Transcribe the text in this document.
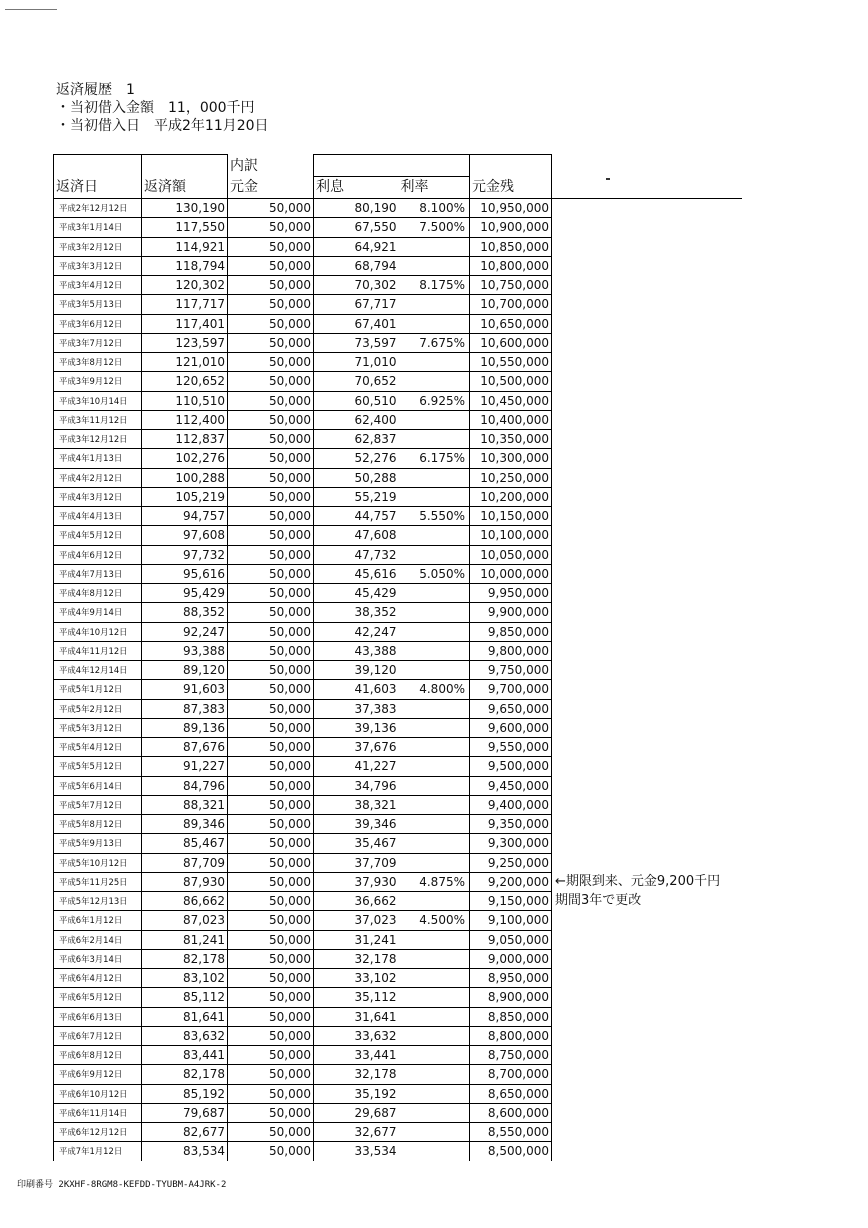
返済履歴　1
・当初借入金額　11，000千円
・当初借入日　平成2年11月20日
		内訳				
返済日	返済額	元金	利息	利率	元金残	
平成2年12月12日	130,190	50,000	80,190	8.100%	10,950,000	
平成3年1月14日	117,550	50,000	67,550	7.500%	10,900,000	
平成3年2月12日	114,921	50,000	64,921		10,850,000	
平成3年3月12日	118,794	50,000	68,794		10,800,000	
平成3年4月12日	120,302	50,000	70,302	8.175%	10,750,000	
平成3年5月13日	117,717	50,000	67,717		10,700,000	
平成3年6月12日	117,401	50,000	67,401		10,650,000	
平成3年7月12日	123,597	50,000	73,597	7.675%	10,600,000	
平成3年8月12日	121,010	50,000	71,010		10,550,000	
平成3年9月12日	120,652	50,000	70,652		10,500,000	
平成3年10月14日	110,510	50,000	60,510	6.925%	10,450,000	
平成3年11月12日	112,400	50,000	62,400		10,400,000	
平成3年12月12日	112,837	50,000	62,837		10,350,000	
平成4年1月13日	102,276	50,000	52,276	6.175%	10,300,000	
平成4年2月12日	100,288	50,000	50,288		10,250,000	
平成4年3月12日	105,219	50,000	55,219		10,200,000	
平成4年4月13日	94,757	50,000	44,757	5.550%	10,150,000	
平成4年5月12日	97,608	50,000	47,608		10,100,000	
平成4年6月12日	97,732	50,000	47,732		10,050,000	
平成4年7月13日	95,616	50,000	45,616	5.050%	10,000,000	
平成4年8月12日	95,429	50,000	45,429		9,950,000	
平成4年9月14日	88,352	50,000	38,352		9,900,000	
平成4年10月12日	92,247	50,000	42,247		9,850,000	
平成4年11月12日	93,388	50,000	43,388		9,800,000	
平成4年12月14日	89,120	50,000	39,120		9,750,000	
平成5年1月12日	91,603	50,000	41,603	4.800%	9,700,000	
平成5年2月12日	87,383	50,000	37,383		9,650,000	
平成5年3月12日	89,136	50,000	39,136		9,600,000	
平成5年4月12日	87,676	50,000	37,676		9,550,000	
平成5年5月12日	91,227	50,000	41,227		9,500,000	
平成5年6月14日	84,796	50,000	34,796		9,450,000	
平成5年7月12日	88,321	50,000	38,321		9,400,000	
平成5年8月12日	89,346	50,000	39,346		9,350,000	
平成5年9月13日	85,467	50,000	35,467		9,300,000	
平成5年10月12日	87,709	50,000	37,709		9,250,000	
平成5年11月25日	87,930	50,000	37,930	4.875%	9,200,000	←期限到来、元金9,200千円
平成5年12月13日	86,662	50,000	36,662		9,150,000	期間3年で更改
平成6年1月12日	87,023	50,000	37,023	4.500%	9,100,000	
平成6年2月14日	81,241	50,000	31,241		9,050,000	
平成6年3月14日	82,178	50,000	32,178		9,000,000	
平成6年4月12日	83,102	50,000	33,102		8,950,000	
平成6年5月12日	85,112	50,000	35,112		8,900,000	
平成6年6月13日	81,641	50,000	31,641		8,850,000	
平成6年7月12日	83,632	50,000	33,632		8,800,000	
平成6年8月12日	83,441	50,000	33,441		8,750,000	
平成6年9月12日	82,178	50,000	32,178		8,700,000	
平成6年10月12日	85,192	50,000	35,192		8,650,000	
平成6年11月14日	79,687	50,000	29,687		8,600,000	
平成6年12月12日	82,677	50,000	32,677		8,550,000	
平成7年1月12日	83,534	50,000	33,534		8,500,000	
印刷番号 2KXHF-8RGM8-KEFDD-TYUBM-A4JRK-2
